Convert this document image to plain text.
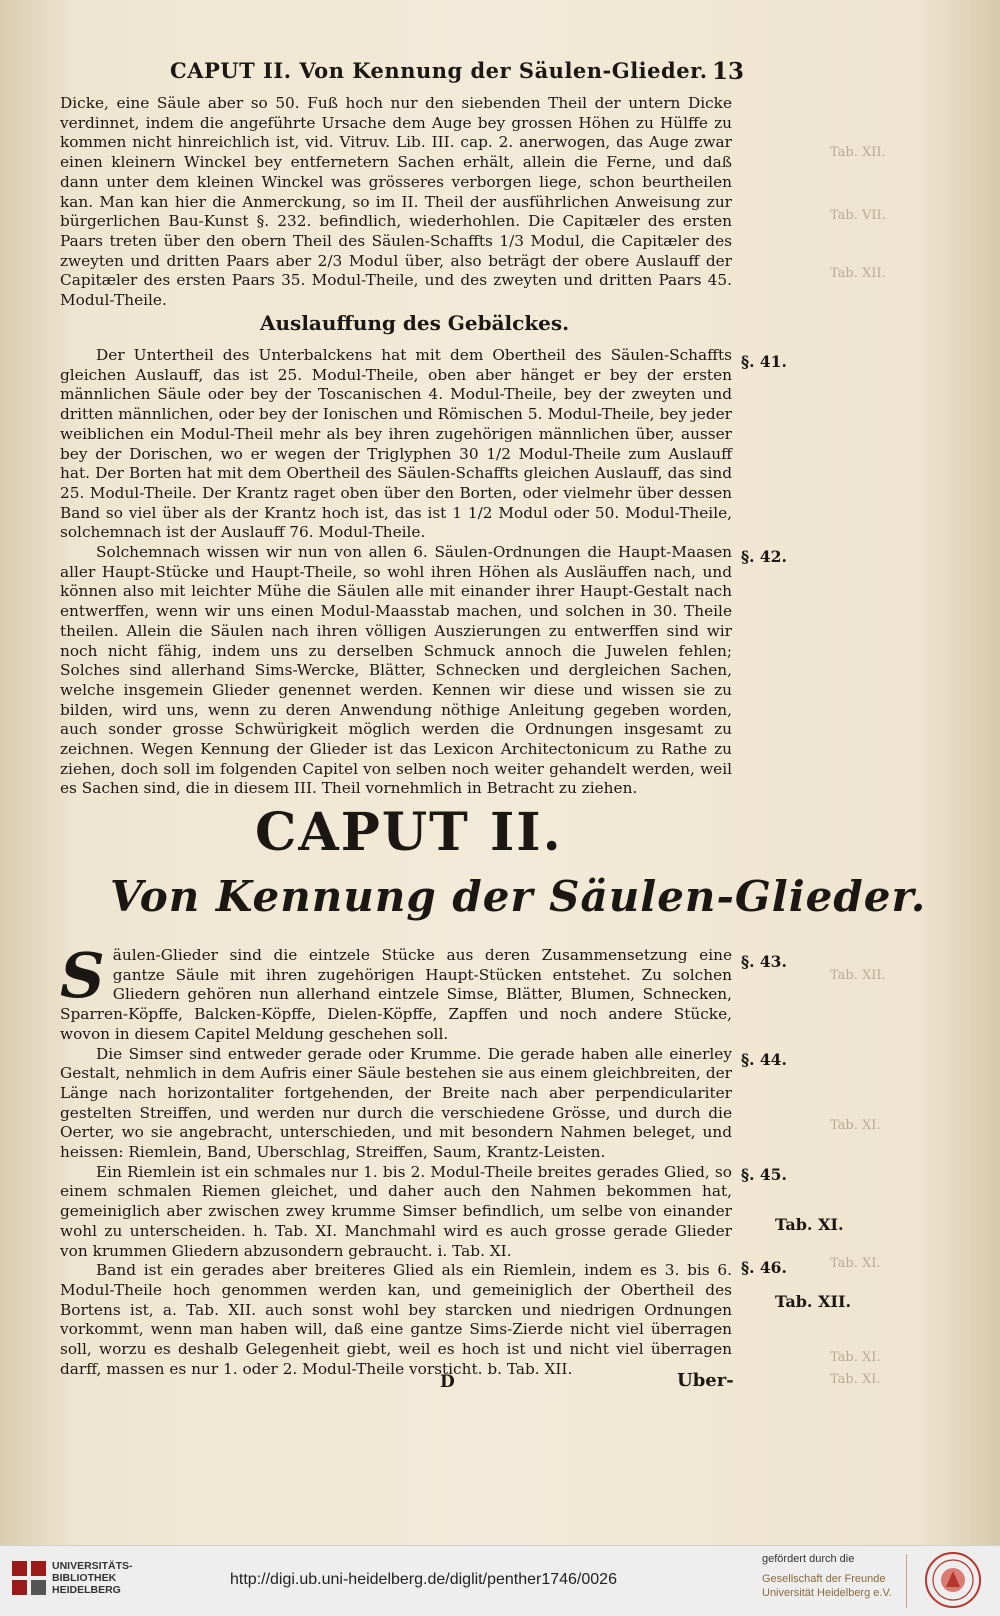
CAPUT II. Von Kennung der Säulen-Glieder. 13

Dicke, eine Säule aber so 50. Fuß hoch nur den siebenden Theil der untern Dicke verdinnet, indem die angeführte Ursache dem Auge bey grossen Höhen zu Hülffe zu kommen nicht hinreichlich ist, vid. Vitruv. Lib. III. cap. 2. anerwogen, das Auge zwar einen kleinern Winckel bey entfernetern Sachen erhält, allein die Ferne, und daß dann unter dem kleinen Winckel was grösseres verborgen liege, schon beurtheilen kan. Man kan hier die Anmerckung, so im II. Theil der ausführlichen Anweisung zur bürgerlichen Bau-Kunst §. 232. befindlich, wiederhohlen. Die Capitæler des ersten Paars treten über den obern Theil des Säulen-Schaffts 1/3 Modul, die Capitæler des zweyten und dritten Paars aber 2/3 Modul über, also beträgt der obere Auslauff der Capitæler des ersten Paars 35. Modul-Theile, und des zweyten und dritten Paars 45. Modul-Theile.

Auslauffung des Gebälckes.

Der Untertheil des Unterbalckens hat mit dem Obertheil des Säulen-Schaffts gleichen Auslauff, das ist 25. Modul-Theile, oben aber hänget er bey der ersten männlichen Säule oder bey der Toscanischen 4. Modul-Theile, bey der zweyten und dritten männlichen, oder bey der Ionischen und Römischen 5. Modul-Theile, bey jeder weiblichen ein Modul-Theil mehr als bey ihren zugehörigen männlichen über, ausser bey der Dorischen, wo er wegen der Triglyphen 30 1/2 Modul-Theile zum Auslauff hat. Der Borten hat mit dem Obertheil des Säulen-Schaffts gleichen Auslauff, das sind 25. Modul-Theile. Der Krantz raget oben über den Borten, oder vielmehr über dessen Band so viel über als der Krantz hoch ist, das ist 1 1/2 Modul oder 50. Modul-Theile, solchemnach ist der Auslauff 76. Modul-Theile.

Solchemnach wissen wir nun von allen 6. Säulen-Ordnungen die Haupt-Maasen aller Haupt-Stücke und Haupt-Theile, so wohl ihren Höhen als Ausläuffen nach, und können also mit leichter Mühe die Säulen alle mit einander ihrer Haupt-Gestalt nach entwerffen, wenn wir uns einen Modul-Maasstab machen, und solchen in 30. Theile theilen. Allein die Säulen nach ihren völligen Auszierungen zu entwerffen sind wir noch nicht fähig, indem uns zu derselben Schmuck annoch die Juwelen fehlen; Solches sind allerhand Sims-Wercke, Blätter, Schnecken und dergleichen Sachen, welche insgemein Glieder genennet werden. Kennen wir diese und wissen sie zu bilden, wird uns, wenn zu deren Anwendung nöthige Anleitung gegeben worden, auch sonder grosse Schwürigkeit möglich werden die Ordnungen insgesamt zu zeichnen. Wegen Kennung der Glieder ist das Lexicon Architectonicum zu Rathe zu ziehen, doch soll im folgenden Capitel von selben noch weiter gehandelt werden, weil es Sachen sind, die in diesem III. Theil vornehmlich in Betracht zu ziehen.

CAPUT II.
Von Kennung der Säulen-Glieder.

Säulen-Glieder sind die eintzele Stücke aus deren Zusammensetzung eine gantze Säule mit ihren zugehörigen Haupt-Stücken entstehet. Zu solchen Gliedern gehören nun allerhand eintzele Simse, Blätter, Blumen, Schnecken, Sparren-Köpffe, Balcken-Köpffe, Dielen-Köpffe, Zapffen und noch andere Stücke, wovon in diesem Capitel Meldung geschehen soll.

Die Simser sind entweder gerade oder Krumme. Die gerade haben alle einerley Gestalt, nehmlich in dem Aufris einer Säule bestehen sie aus einem gleichbreiten, der Länge nach horizontaliter fortgehenden, der Breite nach aber perpendiculariter gestelten Streiffen, und werden nur durch die verschiedene Grösse, und durch die Oerter, wo sie angebracht, unterschieden, und mit besondern Nahmen beleget, und heissen: Riemlein, Band, Uberschlag, Streiffen, Saum, Krantz-Leisten.

Ein Riemlein ist ein schmales nur 1. bis 2. Modul-Theile breites gerades Glied, so einem schmalen Riemen gleichet, und daher auch den Nahmen bekommen hat, gemeiniglich aber zwischen zwey krumme Simser befindlich, um selbe von einander wohl zu unterscheiden. h. Tab. XI. Manchmahl wird es auch grosse gerade Glieder von krummen Gliedern abzusondern gebraucht. i. Tab. XI.

Band ist ein gerades aber breiteres Glied als ein Riemlein, indem es 3. bis 6. Modul-Theile hoch genommen werden kan, und gemeiniglich der Obertheil des Bortens ist, a. Tab. XII. auch sonst wohl bey starcken und niedrigen Ordnungen vorkommt, wenn man haben will, daß eine gantze Sims-Zierde nicht viel überragen soll, worzu es deshalb Gelegenheit giebt, weil es hoch ist und nicht viel überragen darff, massen es nur 1. oder 2. Modul-Theile vorsticht. b. Tab. XII.

§. 41.
§. 42.
§. 43.
§. 44.
§. 45.
§. 46.
Tab. XI.
Tab. XII.
Tab. XII.
Tab. VII.
Tab. XII.
Tab. XII.
Tab. XI.
Tab. XI.
Tab. XI.
Tab. XI.
D	Uber-
UNIVERSITÄTS-
BIBLIOTHEK
HEIDELBERG
http://digi.ub.uni-heidelberg.de/diglit/penther1746/0026
gefördert durch die
Gesellschaft der Freunde
Universität Heidelberg e.V.
